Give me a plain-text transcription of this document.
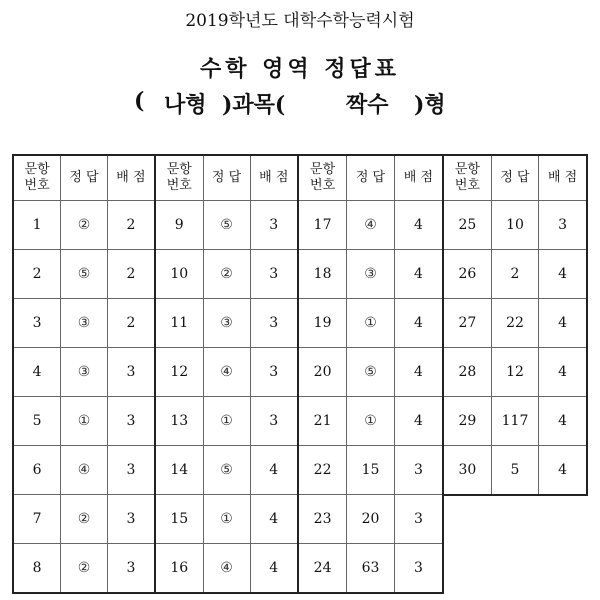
2019학년도 대학수학능력시험
수학 영역 정답표
( 나형 )과목(	짝수 )형
문항
번호	정 답	배 점
1	②	2
2	⑤	2
3	③	2
4	③	3
5	①	3
6	④	3
7	②	3
8	②	3
문항
번호	정 답	배 점
9	⑤	3
10	②	3
11	③	3
12	④	3
13	①	3
14	⑤	4
15	①	4
16	④	4
문항
번호	정 답	배 점
17	④	4
18	③	4
19	①	4
20	⑤	4
21	①	4
22	15	3
23	20	3
24	63	3
문항
번호	정 답	배 점
25	10	3
26	2	4
27	22	4
28	12	4
29	117	4
30	5	4
